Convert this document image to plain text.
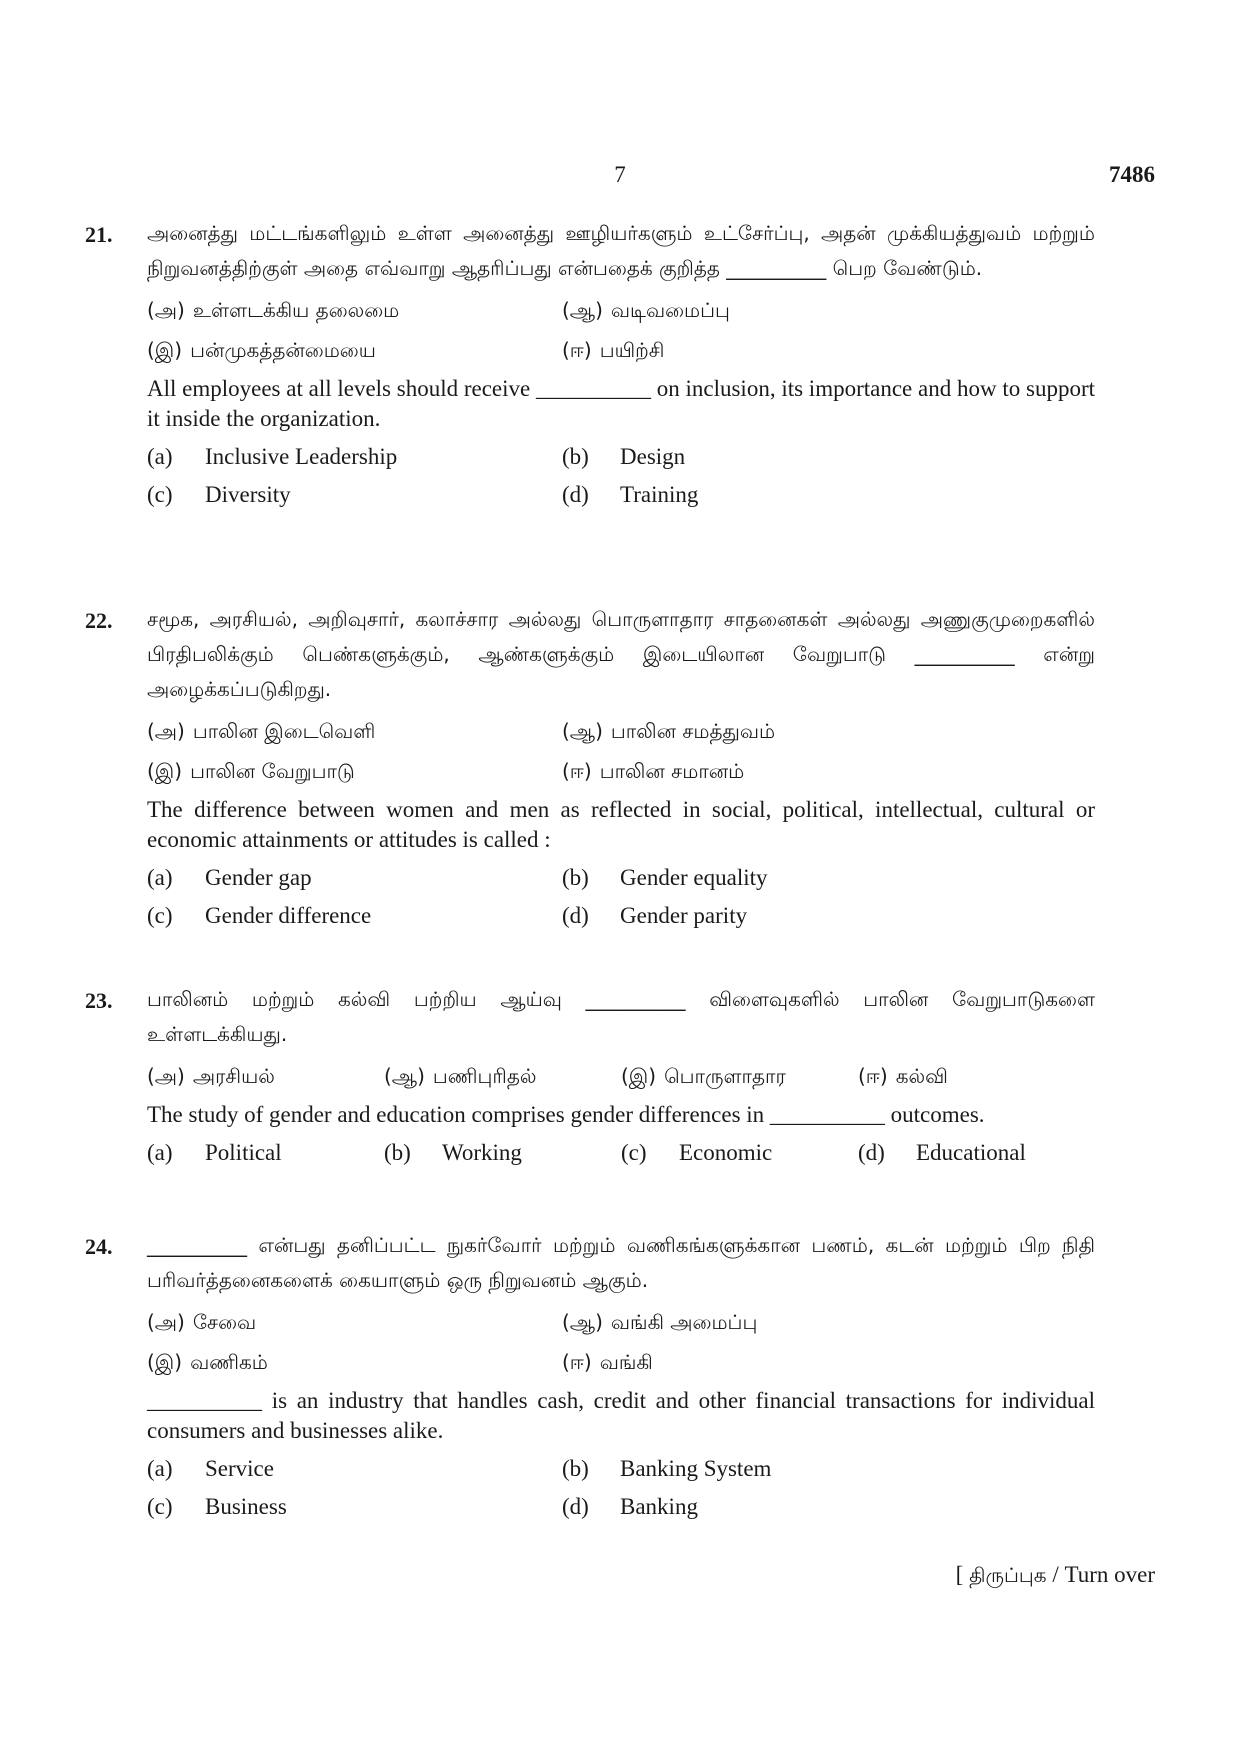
7	7486
21. அனைத்து மட்டங்களிலும் உள்ள அனைத்து ஊழியர்களும் உட்சேர்ப்பு, அதன் முக்கியத்துவம் மற்றும் நிறுவனத்திற்குள் அதை எவ்வாறு ஆதரிப்பது என்பதைக் குறித்த __________ பெற வேண்டும்.

(அ) உள்ளடக்கிய தலைமை	(ஆ) வடிவமைப்பு
(இ) பன்முகத்தன்மையை	(ஈ) பயிற்சி

All employees at all levels should receive __________ on inclusion, its importance and how to support it inside the organization.

(a)	Inclusive Leadership	(b)	Design
(c)	Diversity	(d)	Training
22. சமூக, அரசியல், அறிவுசார், கலாச்சார அல்லது பொருளாதார சாதனைகள் அல்லது அணுகுமுறைகளில் பிரதிபலிக்கும் பெண்களுக்கும், ஆண்களுக்கும் இடையிலான வேறுபாடு __________ என்று அழைக்கப்படுகிறது.

(அ) பாலின இடைவெளி	(ஆ) பாலின சமத்துவம்
(இ) பாலின வேறுபாடு	(ஈ) பாலின சமானம்

The difference between women and men as reflected in social, political, intellectual, cultural or economic attainments or attitudes is called :

(a)	Gender gap	(b)	Gender equality
(c)	Gender difference	(d)	Gender parity
23. பாலினம் மற்றும் கல்வி பற்றிய ஆய்வு __________ விளைவுகளில் பாலின வேறுபாடுகளை உள்ளடக்கியது.

(அ) அரசியல்	(ஆ) பணிபுரிதல்	(இ) பொருளாதார	(ஈ) கல்வி

The study of gender and education comprises gender differences in __________ outcomes.

(a)	Political	(b)	Working	(c)	Economic	(d)	Educational
24. __________ என்பது தனிப்பட்ட நுகர்வோர் மற்றும் வணிகங்களுக்கான பணம், கடன் மற்றும் பிற நிதி பரிவர்த்தனைகளைக் கையாளும் ஒரு நிறுவனம் ஆகும்.

(அ) சேவை	(ஆ) வங்கி அமைப்பு
(இ) வணிகம்	(ஈ) வங்கி

__________ is an industry that handles cash, credit and other financial transactions for individual consumers and businesses alike.

(a)	Service	(b)	Banking System
(c)	Business	(d)	Banking
[ திருப்புக / Turn over
